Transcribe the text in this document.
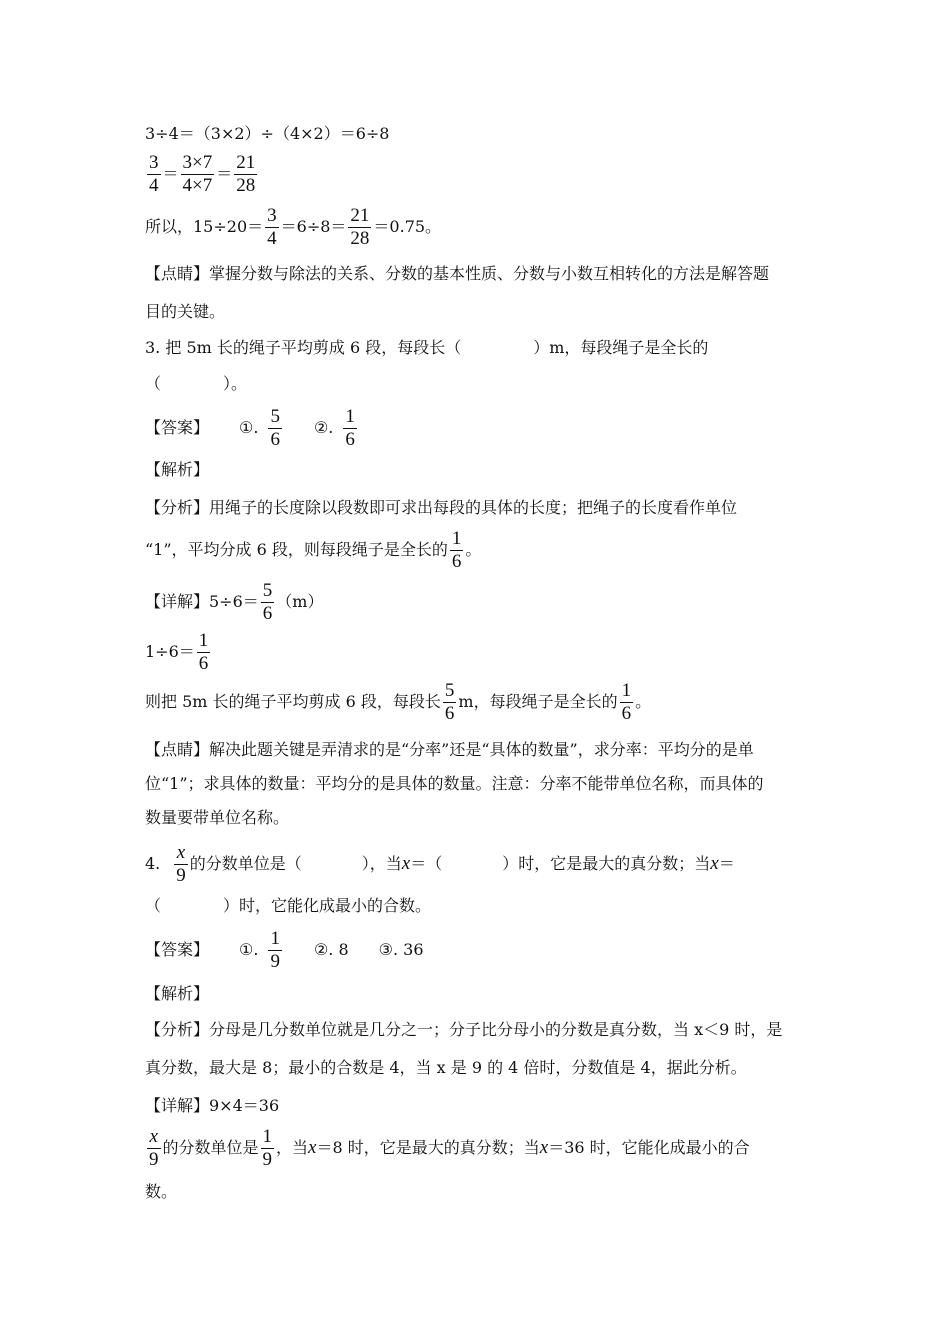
3÷4＝（3×2）÷（4×2）＝6÷8
$\frac{3}{4} = \frac{3\times 7}{4\times 7} = \frac{21}{28}$
所以，$15\div 20= \frac{3}{4} =6\div 8= \frac{21}{28} =0.75$。
【点睛】掌握分数与除法的关系、分数的基本性质、分数与小数互相转化的方法是解答题
目的关键。
3. 把 5m 长的绳子平均剪成 6 段，每段长（	）m，每段绳子是全长的
（	）。
【答案】 ①. $\frac{5}{6}$ ②. $\frac{1}{6}$
【解析】
【分析】用绳子的长度除以段数即可求出每段的具体的长度；把绳子的长度看作单位
“1”，平均分成 6 段，则每段绳子是全长的 $\frac{1}{6}$ 。
【详解】$5\div 6= \frac{5}{6} (m)$
$1\div 6= \frac{1}{6}$
则把 5m 长的绳子平均剪成 6 段，每段长 $\frac{5}{6}$ m，每段绳子是全长的 $\frac{1}{6}$ 。
【点睛】解决此题关键是弄清求的是“分率”还是“具体的数量”，求分率：平均分的是单
位“1”；求具体的数量：平均分的是具体的数量。注意：分率不能带单位名称，而具体的
数量要带单位名称。
4. $\frac{x}{9}$ 的分数单位是（	），当x＝（	）时，它是最大的真分数；当x＝
（	）时，它能化成最小的合数。
【答案】 ①. $\frac{1}{9}$ ②. 8 ③. 36
【解析】
【分析】分母是几分数单位就是几分之一；分子比分母小的分数是真分数，当 x＜9 时，是
真分数，最大是 8；最小的合数是 4，当 x 是 9 的 4 倍时，分数值是 4，据此分析。
【详解】9×4＝36
$\frac{x}{9}$ 的分数单位是 $\frac{1}{9}$ ，当x＝8 时，它是最大的真分数；当x＝36 时，它能化成最小的合
数。
